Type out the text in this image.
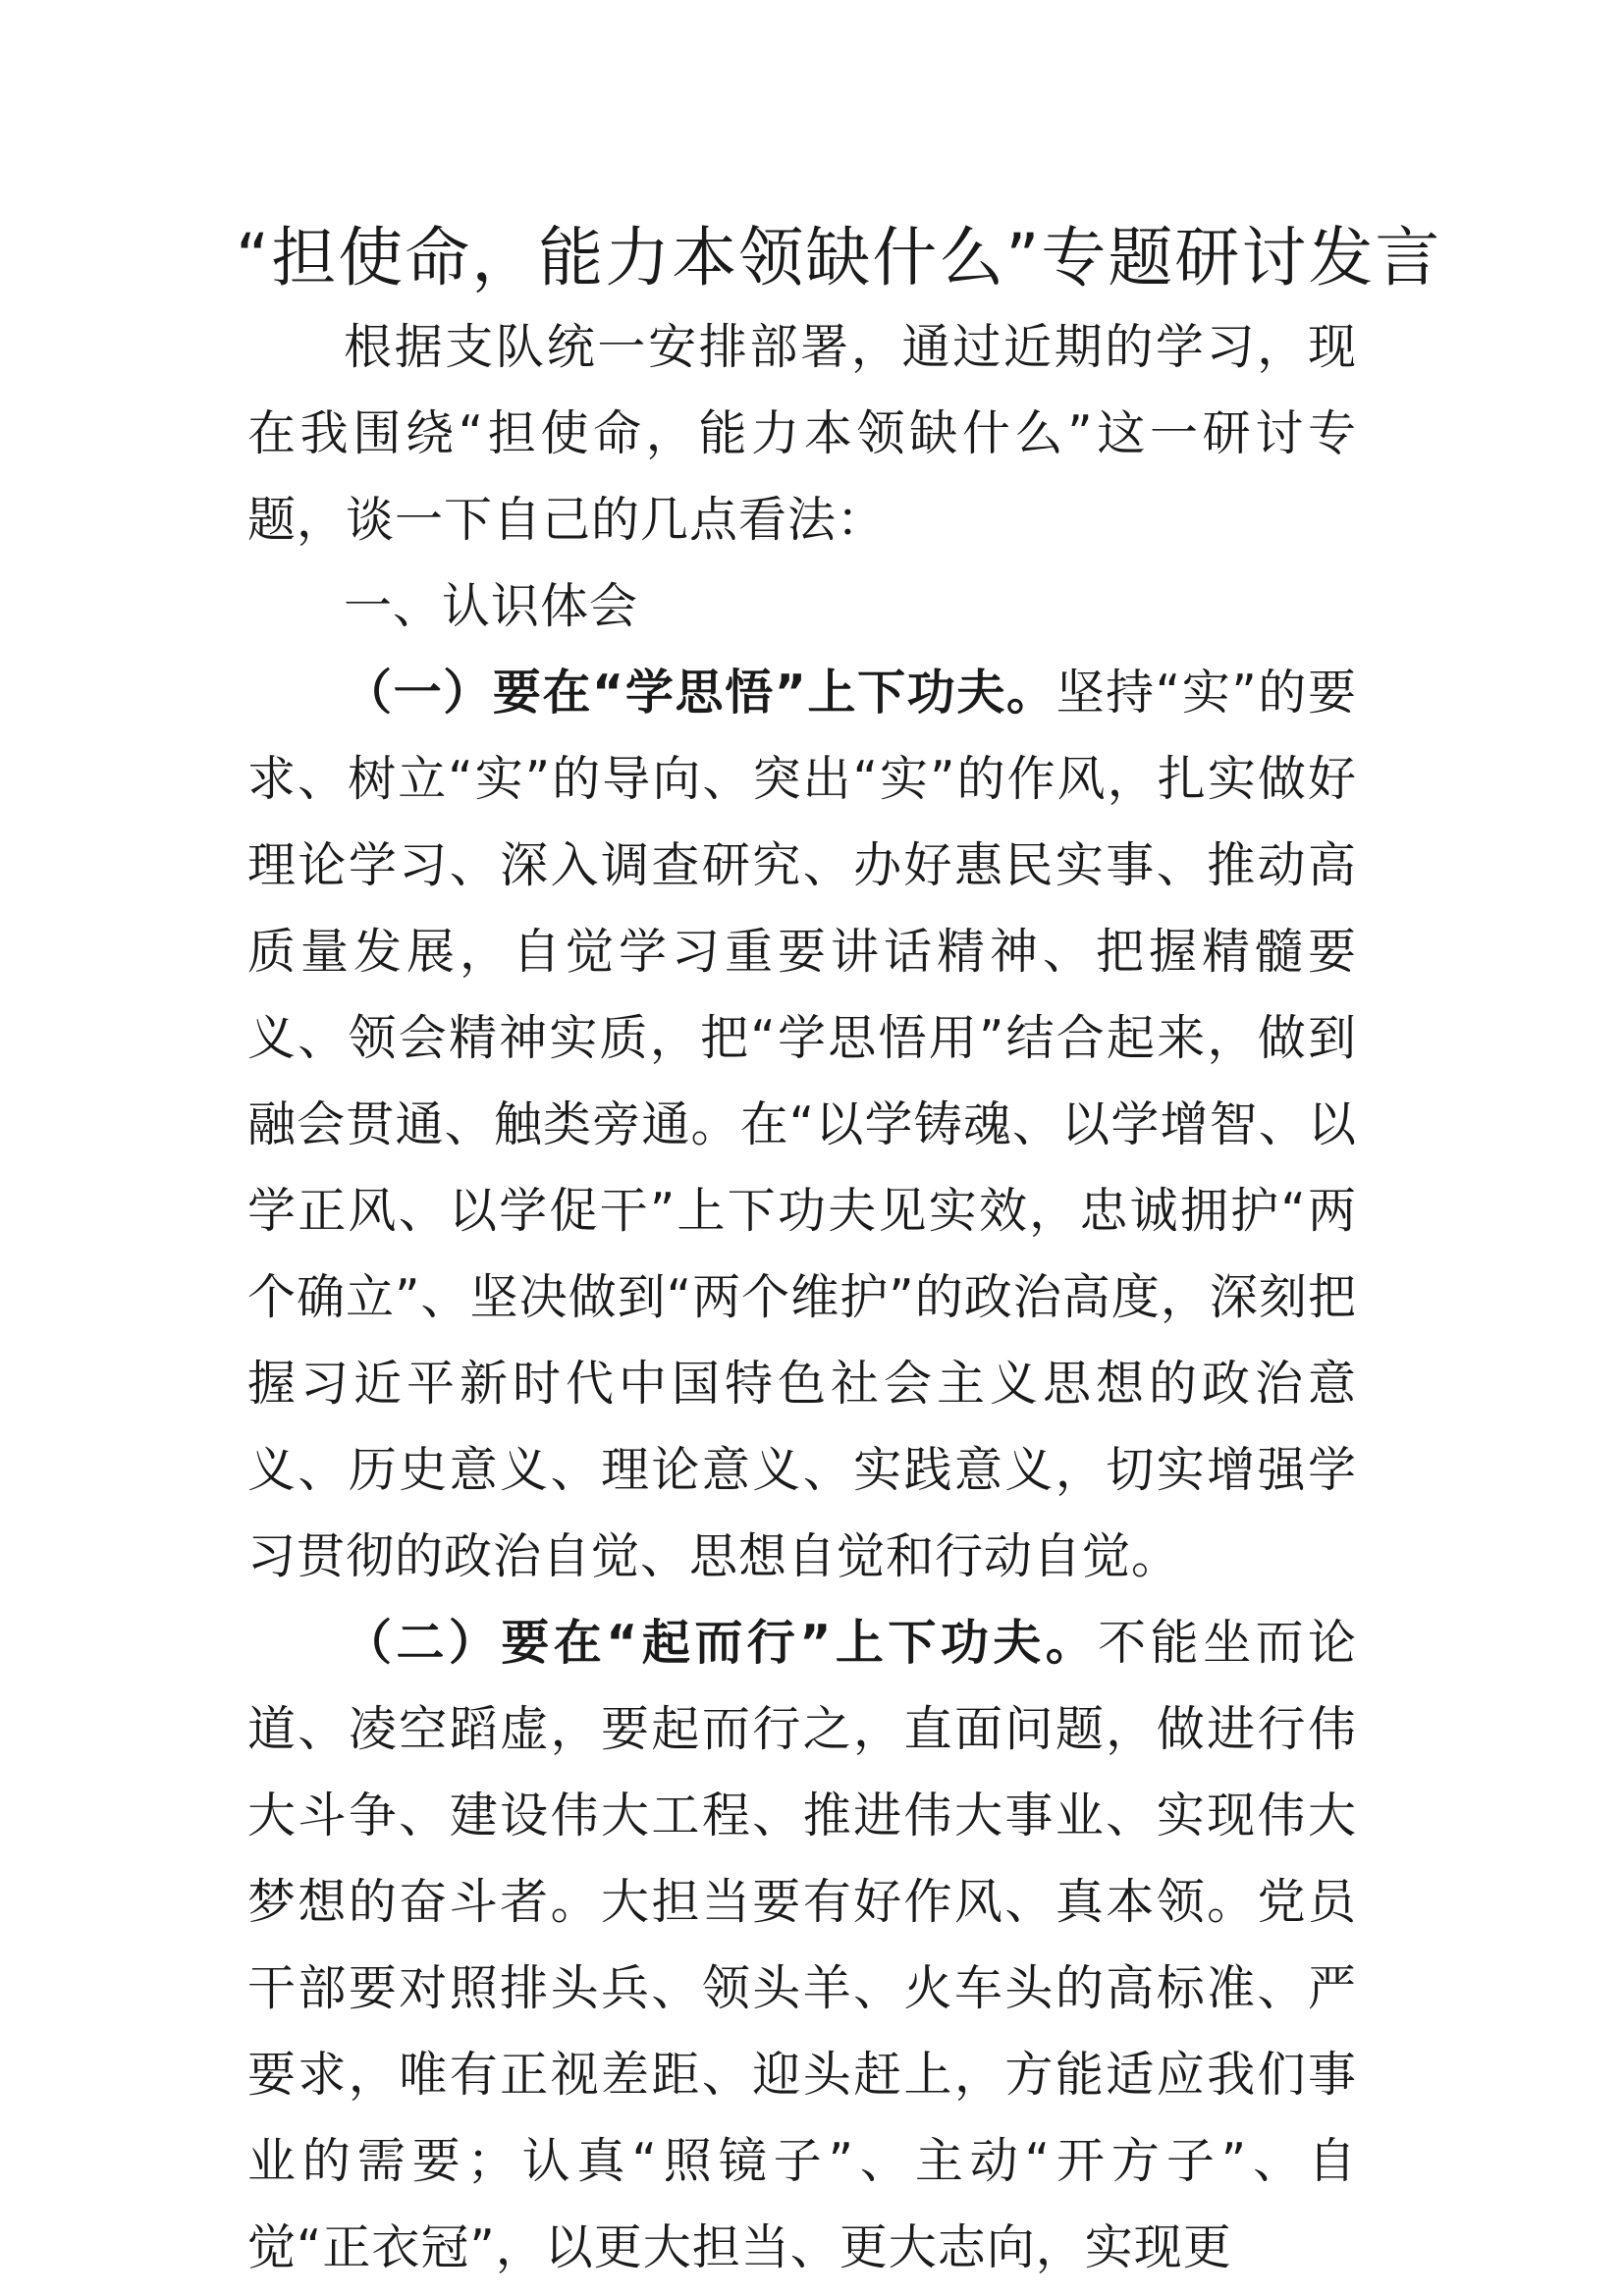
“担使命，能力本领缺什么”专题研讨发言

根据支队统一安排部署，通过近期的学习，现在我围绕“担使命，能力本领缺什么”这一研讨专题，谈一下自己的几点看法：

一、认识体会

（一）要在“学思悟”上下功夫。坚持“实”的要求、树立“实”的导向、突出“实”的作风，扎实做好理论学习、深入调查研究、办好惠民实事、推动高质量发展，自觉学习重要讲话精神、把握精髓要义、领会精神实质，把“学思悟用”结合起来，做到融会贯通、触类旁通。在“以学铸魂、以学增智、以学正风、以学促干”上下功夫见实效，忠诚拥护“两个确立”、坚决做到“两个维护”的政治高度，深刻把握习近平新时代中国特色社会主义思想的政治意义、历史意义、理论意义、实践意义，切实增强学习贯彻的政治自觉、思想自觉和行动自觉。

（二）要在“起而行”上下功夫。不能坐而论道、凌空蹈虚，要起而行之，直面问题，做进行伟大斗争、建设伟大工程、推进伟大事业、实现伟大梦想的奋斗者。大担当要有好作风、真本领。党员干部要对照排头兵、领头羊、火车头的高标准、严要求，唯有正视差距、迎头赶上，方能适应我们事业的需要；认真“照镜子”、主动“开方子”、自觉“正衣冠”，以更大担当、更大志向，实现更
